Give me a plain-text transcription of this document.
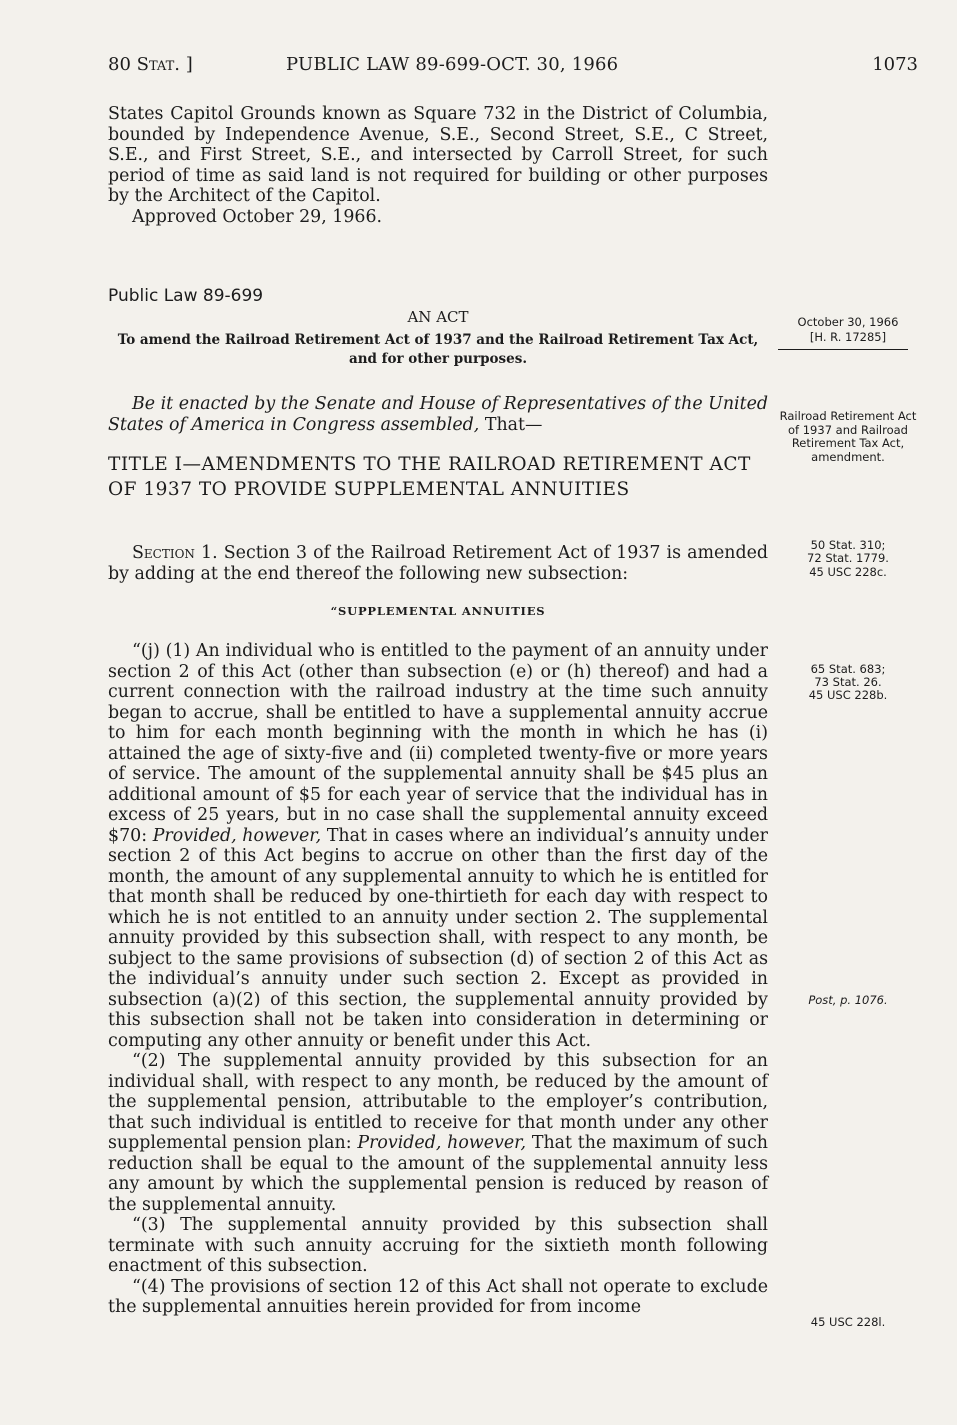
80 Stat. ]	PUBLIC LAW 89-699-OCT. 30, 1966	1073

States Capitol Grounds known as Square 732 in the District of Columbia, bounded by Independence Avenue, S.E., Second Street, S.E., C Street, S.E., and First Street, S.E., and intersected by Carroll Street, for such period of time as said land is not required for building or other purposes by the Architect of the Capitol.

Approved October 29, 1966.

Public Law 89-699
AN ACT
To amend the Railroad Retirement Act of 1937 and the Railroad Retirement Tax Act, and for other purposes.
October 30, 1966
[H. R. 17285]

Be it enacted by the Senate and House of Representatives of the United States of America in Congress assembled, That—	Railroad Retirement Act of 1937 and Railroad Retirement Tax Act, amendment.
TITLE I—AMENDMENTS TO THE RAILROAD RETIREMENT ACT OF 1937 TO PROVIDE SUPPLEMENTAL ANNUITIES

Section 1. Section 3 of the Railroad Retirement Act of 1937 is amended by adding at the end thereof the following new subsection:

50 Stat. 310;
72 Stat. 1779.
45 USC 228c.
“SUPPLEMENTAL ANNUITIES

“(j) (1) An individual who is entitled to the payment of an annuity under section 2 of this Act (other than subsection (e) or (h) thereof) and had a current connection with the railroad industry at the time such annuity began to accrue, shall be entitled to have a supplemental annuity accrue to him for each month beginning with the month in which he has (i) attained the age of sixty-five and (ii) completed twenty-five or more years of service. The amount of the supplemental annuity shall be $45 plus an additional amount of $5 for each year of service that the individual has in excess of 25 years, but in no case shall the supplemental annuity exceed $70: Provided, however, That in cases where an individual’s annuity under section 2 of this Act begins to accrue on other than the first day of the month, the amount of any supplemental annuity to which he is entitled for that month shall be reduced by one-thirtieth for each day with respect to which he is not entitled to an annuity under section 2. The supplemental annuity provided by this subsection shall, with respect to any month, be subject to the same provisions of subsection (d) of section 2 of this Act as the individual’s annuity under such section 2. Except as provided in subsection (a)(2) of this section, the supplemental annuity provided by this subsection shall not be taken into consideration in determining or computing any other annuity or benefit under this Act.

“(2) The supplemental annuity provided by this subsection for an individual shall, with respect to any month, be reduced by the amount of the supplemental pension, attributable to the employer’s contribution, that such individual is entitled to receive for that month under any other supplemental pension plan: Provided, however, That the maximum of such reduction shall be equal to the amount of the supplemental annuity less any amount by which the supplemental pension is reduced by reason of the supplemental annuity.

“(3) The supplemental annuity provided by this subsection shall terminate with such annuity accruing for the sixtieth month following enactment of this subsection.

“(4) The provisions of section 12 of this Act shall not operate to exclude the supplemental annuities herein provided for from income

65 Stat. 683;
73 Stat. 26.
45 USC 228b.
Post, p. 1076.
45 USC 228l.
